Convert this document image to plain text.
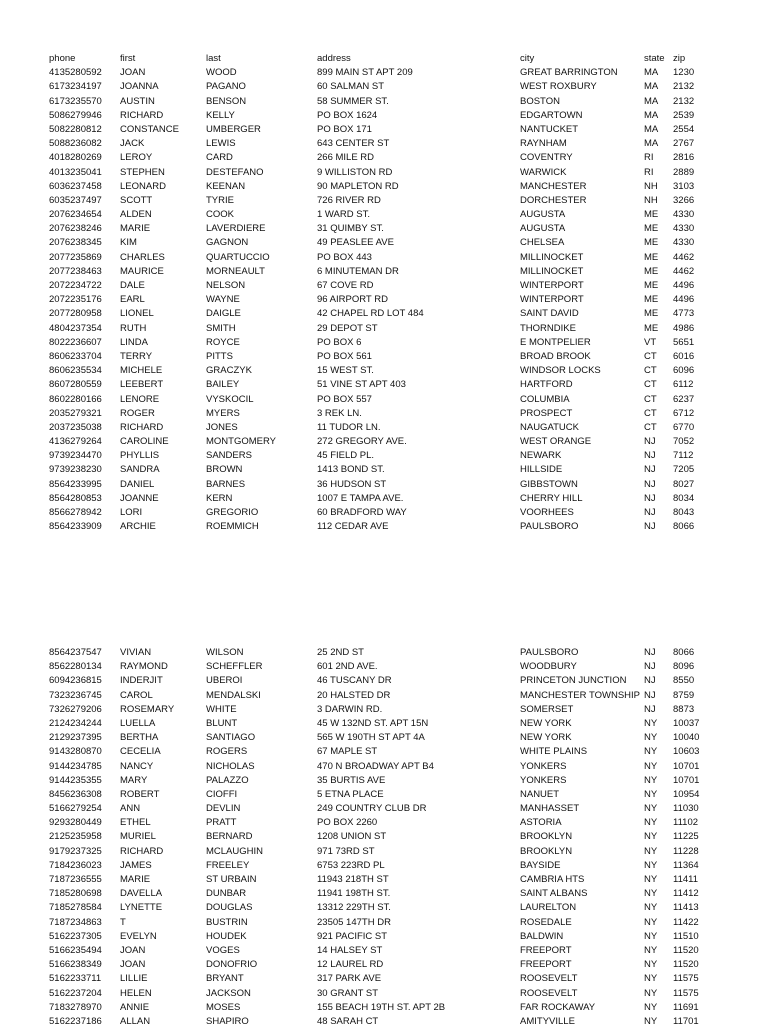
phone	first	last	address	city	state zip
4135280592 JOAN	WOOD	899 MAIN ST APT 209	GREAT BARRINGTON	MA 1230
6173234197 JOANNA	PAGANO	60 SALMAN ST	WEST ROXBURY	MA 2132
6173235570 AUSTIN	BENSON	58 SUMMER ST.	BOSTON	MA 2132
5086279946 RICHARD	KELLY	PO BOX 1624	EDGARTOWN	MA 2539
5082280812 CONSTANCE	UMBERGER	PO BOX 171	NANTUCKET	MA 2554
5088236082 JACK	LEWIS	643 CENTER ST	RAYNHAM	MA 2767
4018280269 LEROY	CARD	266 MILE RD	COVENTRY	RI 2816
4013235041 STEPHEN	DESTEFANO	9 WILLISTON RD	WARWICK	RI 2889
6036237458 LEONARD	KEENAN	90 MAPLETON RD	MANCHESTER	NH 3103
6035237497 SCOTT	TYRIE	726 RIVER RD	DORCHESTER	NH 3266
2076234654 ALDEN	COOK	1 WARD ST.	AUGUSTA	ME 4330
2076238246 MARIE	LAVERDIERE	31 QUIMBY ST.	AUGUSTA	ME 4330
2076238345 KIM	GAGNON	49 PEASLEE AVE	CHELSEA	ME 4330
2077235869 CHARLES	QUARTUCCIO	PO BOX 443	MILLINOCKET	ME 4462
2077238463 MAURICE	MORNEAULT	6 MINUTEMAN DR	MILLINOCKET	ME 4462
2072234722 DALE	NELSON	67 COVE RD	WINTERPORT	ME 4496
2072235176 EARL	WAYNE	96 AIRPORT RD	WINTERPORT	ME 4496
2077280958 LIONEL	DAIGLE	42 CHAPEL RD LOT 484	SAINT DAVID	ME 4773
4804237354 RUTH	SMITH	29 DEPOT ST	THORNDIKE	ME 4986
8022236607 LINDA	ROYCE	PO BOX 6	E MONTPELIER	VT 5651
8606233704 TERRY	PITTS	PO BOX 561	BROAD BROOK	CT 6016
8606235534 MICHELE	GRACZYK	15 WEST ST.	WINDSOR LOCKS	CT 6096
8607280559 LEEBERT	BAILEY	51 VINE ST APT 403	HARTFORD	CT 6112
8602280166 LENORE	VYSKOCIL	PO BOX 557	COLUMBIA	CT 6237
2035279321 ROGER	MYERS	3 REK LN.	PROSPECT	CT 6712
2037235038 RICHARD	JONES	11 TUDOR LN.	NAUGATUCK	CT 6770
4136279264 CAROLINE	MONTGOMERY	272 GREGORY AVE.	WEST ORANGE	NJ 7052
9739234470 PHYLLIS	SANDERS	45 FIELD PL.	NEWARK	NJ 7112
9739238230 SANDRA	BROWN	1413 BOND ST.	HILLSIDE	NJ 7205
8564233995 DANIEL	BARNES	36 HUDSON ST	GIBBSTOWN	NJ 8027
8564280853 JOANNE	KERN	1007 E TAMPA AVE.	CHERRY HILL	NJ 8034
8566278942 LORI	GREGORIO	60 BRADFORD WAY	VOORHEES	NJ 8043
8564233909 ARCHIE	ROEMMICH	112 CEDAR AVE	PAULSBORO	NJ 8066
8564237547 VIVIAN	WILSON	25 2ND ST	PAULSBORO	NJ 8066
8562280134 RAYMOND	SCHEFFLER	601 2ND AVE.	WOODBURY	NJ 8096
6094236815 INDERJIT	UBEROI	46 TUSCANY DR	PRINCETON JUNCTION NJ 8550
7323236745 CAROL	MENDALSKI	20 HALSTED DR	MANCHESTER TOWNSHIP NJ 8759
7326279206 ROSEMARY	WHITE	3 DARWIN RD.	SOMERSET	NJ 8873
2124234244 LUELLA	BLUNT	45 W 132ND ST. APT 15N	NEW YORK	NY 10037
2129237395 BERTHA	SANTIAGO	565 W 190TH ST APT 4A	NEW YORK	NY 10040
9143280870 CECELIA	ROGERS	67 MAPLE ST	WHITE PLAINS	NY 10603
9144234785 NANCY	NICHOLAS	470 N BROADWAY APT B4	YONKERS	NY 10701
9144235355 MARY	PALAZZO	35 BURTIS AVE	YONKERS	NY 10701
8456236308 ROBERT	CIOFFI	5 ETNA PLACE	NANUET	NY 10954
5166279254 ANN	DEVLIN	249 COUNTRY CLUB DR	MANHASSET	NY 11030
9293280449 ETHEL	PRATT	PO BOX 2260	ASTORIA	NY 11102
2125235958 MURIEL	BERNARD	1208 UNION ST	BROOKLYN	NY 11225
9179237325 RICHARD	MCLAUGHIN	971 73RD ST	BROOKLYN	NY 11228
7184236023 JAMES	FREELEY	6753 223RD PL	BAYSIDE	NY 11364
7187236555 MARIE	ST URBAIN	11943 218TH ST	CAMBRIA HTS	NY 11411
7185280698 DAVELLA	DUNBAR	11941 198TH ST.	SAINT ALBANS	NY 11412
7185278584 LYNETTE	DOUGLAS	13312 229TH ST.	LAURELTON	NY 11413
7187234863 T	BUSTRIN	23505 147TH DR	ROSEDALE	NY 11422
5162237305 EVELYN	HOUDEK	921 PACIFIC ST	BALDWIN	NY 11510
5166235494 JOAN	VOGES	14 HALSEY ST	FREEPORT	NY 11520
5166238349 JOAN	DONOFRIO	12 LAUREL RD	FREEPORT	NY 11520
5162233711 LILLIE	BRYANT	317 PARK AVE	ROOSEVELT	NY 11575
5162237204 HELEN	JACKSON	30 GRANT ST	ROOSEVELT	NY 11575
7183278970 ANNIE	MOSES	155 BEACH 19TH ST. APT 2B	FAR ROCKAWAY	NY 11691
5162237186 ALLAN	SHAPIRO	48 SARAH CT	AMITYVILLE	NY 11701
